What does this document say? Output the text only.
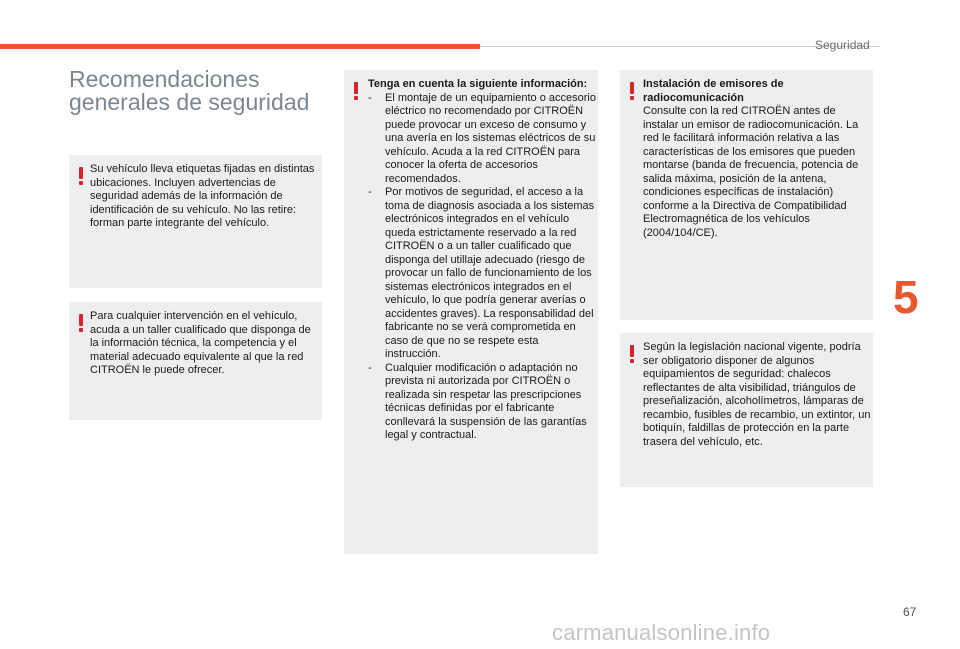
Seguridad
Recomendaciones generales de seguridad

Su vehículo lleva etiquetas fijadas en distintas ubicaciones. Incluyen advertencias de seguridad además de la información de identificación de su vehículo. No las retire: forman parte integrante del vehículo.

Para cualquier intervención en el vehículo, acuda a un taller cualificado que disponga de la información técnica, la competencia y el material adecuado equivalente al que la red CITROËN le puede ofrecer.

Tenga en cuenta la siguiente información:

- El montaje de un equipamiento o accesorio eléctrico no recomendado por CITROËN puede provocar un exceso de consumo y una avería en los sistemas eléctricos de su vehículo. Acuda a la red CITROËN para conocer la oferta de accesorios recomendados.
- Por motivos de seguridad, el acceso a la toma de diagnosis asociada a los sistemas electrónicos integrados en el vehículo queda estrictamente reservado a la red CITROËN o a un taller cualificado que disponga del utillaje adecuado (riesgo de provocar un fallo de funcionamiento de los sistemas electrónicos integrados en el vehículo, lo que podría generar averías o accidentes graves). La responsabilidad del fabricante no se verá comprometida en caso de que no se respete esta instrucción.
- Cualquier modificación o adaptación no prevista ni autorizada por CITROËN o realizada sin respetar las prescripciones técnicas definidas por el fabricante conllevará la suspensión de las garantías legal y contractual.

Instalación de emisores de radiocomunicación

Consulte con la red CITROËN antes de instalar un emisor de radiocomunicación. La red le facilitará información relativa a las características de los emisores que pueden montarse (banda de frecuencia, potencia de salida máxima, posición de la antena, condiciones específicas de instalación) conforme a la Directiva de Compatibilidad Electromagnética de los vehículos (2004/104/CE).

Según la legislación nacional vigente, podría ser obligatorio disponer de algunos equipamientos de seguridad: chalecos reflectantes de alta visibilidad, triángulos de preseñalización, alcoholímetros, lámparas de recambio, fusibles de recambio, un extintor, un botiquín, faldillas de protección en la parte trasera del vehículo, etc.

5
67
carmanualsonline.info
